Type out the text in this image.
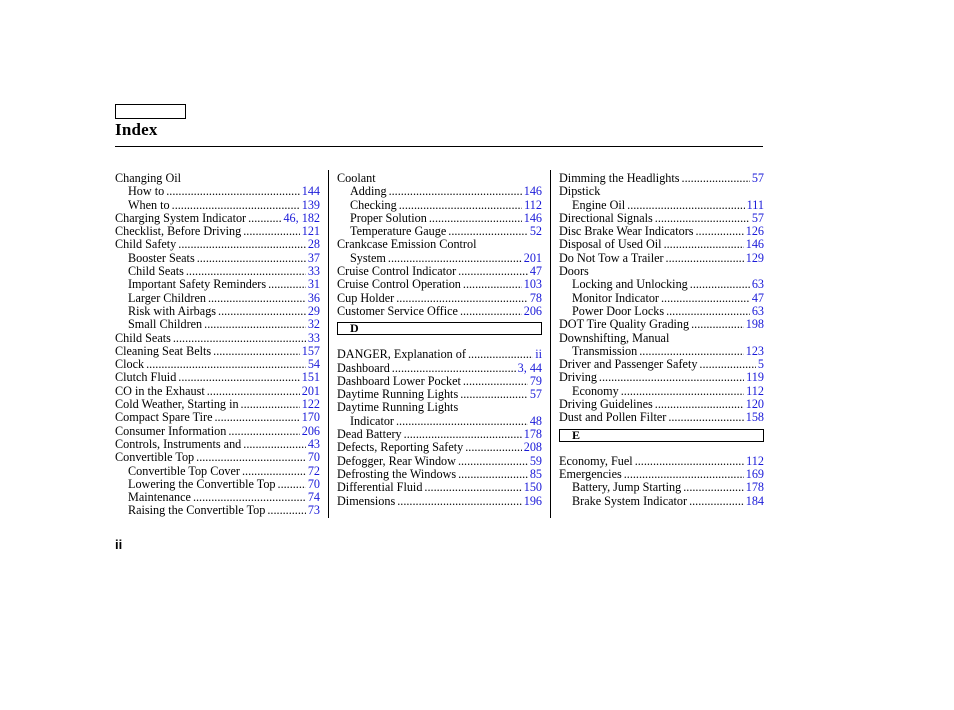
Index
Changing Oil
How to .....	144
When to .....	139
Charging System Indicator .....	46, 182
Checklist, Before Driving .....	121
Child Safety .....	28
Booster Seats .....	37
Child Seats .....	33
Important Safety Reminders .....	31
Larger Children .....	36
Risk with Airbags .....	29
Small Children .....	32
Child Seats .....	33
Cleaning Seat Belts .....	157
Clock .....	54
Clutch Fluid .....	151
CO in the Exhaust .....	201
Cold Weather, Starting in .....	122
Compact Spare Tire .....	170
Consumer Information .....	206
Controls, Instruments and .....	43
Convertible Top .....	70
Convertible Top Cover .....	72
Lowering the Convertible Top .....	70
Maintenance .....	74
Raising the Convertible Top .....	73
Coolant
Adding .....	146
Checking .....	112
Proper Solution .....	146
Temperature Gauge .....	52
Crankcase Emission Control
System .....	201
Cruise Control Indicator .....	47
Cruise Control Operation .....	103
Cup Holder .....	78
Customer Service Office .....	206
D
DANGER, Explanation of .....	ii
Dashboard .....	3, 44
Dashboard Lower Pocket .....	79
Daytime Running Lights .....	57
Daytime Running Lights
Indicator .....	48
Dead Battery .....	178
Defects, Reporting Safety .....	208
Defogger, Rear Window .....	59
Defrosting the Windows .....	85
Differential Fluid .....	150
Dimensions .....	196
Dimming the Headlights .....	57
Dipstick
Engine Oil .....	111
Directional Signals .....	57
Disc Brake Wear Indicators .....	126
Disposal of Used Oil .....	146
Do Not Tow a Trailer .....	129
Doors
Locking and Unlocking .....	63
Monitor Indicator .....	47
Power Door Locks .....	63
DOT Tire Quality Grading .....	198
Downshifting, Manual
Transmission .....	123
Driver and Passenger Safety .....	5
Driving .....	119
Economy .....	112
Driving Guidelines .....	120
Dust and Pollen Filter .....	158
E
Economy, Fuel .....	112
Emergencies .....	169
Battery, Jump Starting .....	178
Brake System Indicator .....	184
ii
